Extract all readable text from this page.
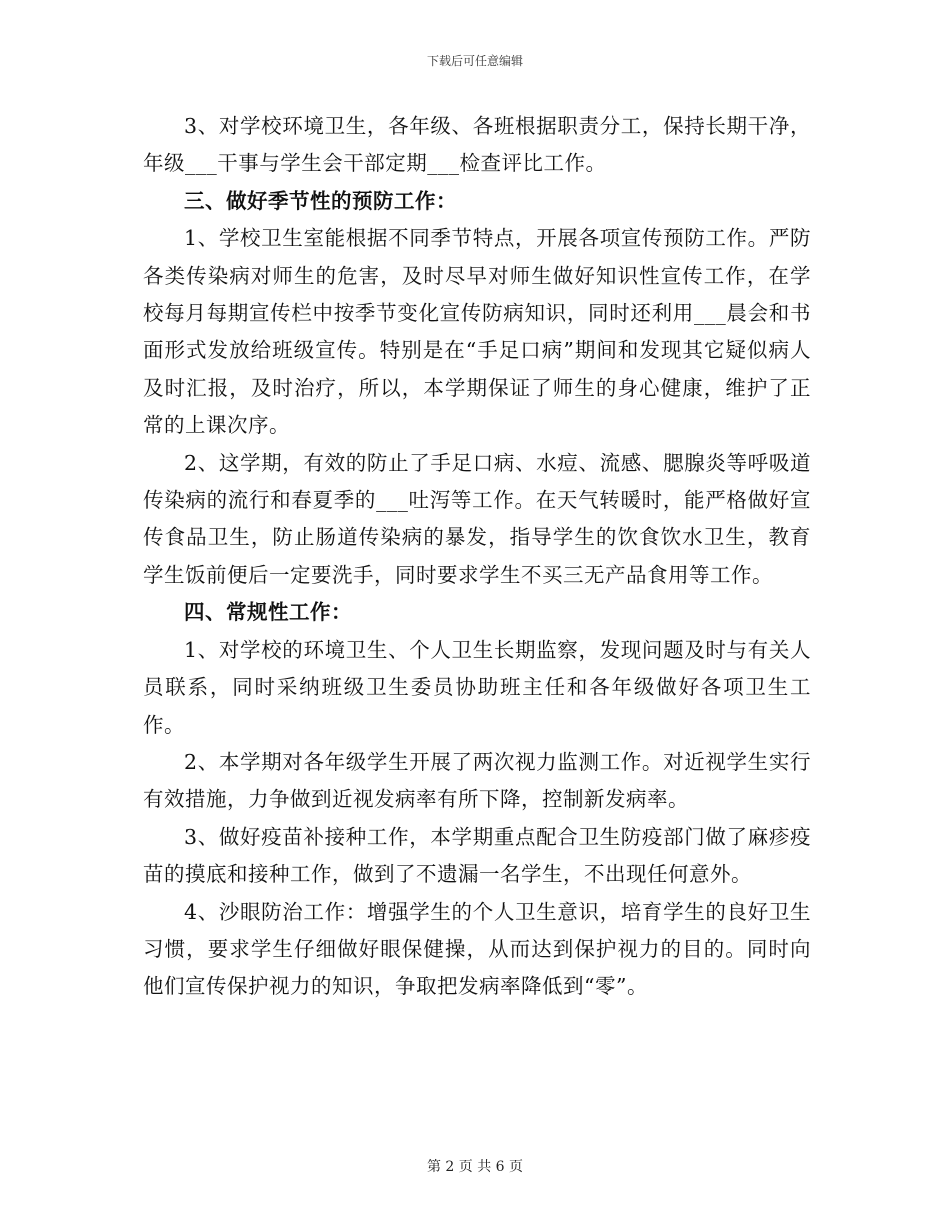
下载后可任意编辑

3、对学校环境卫生，各年级、各班根据职责分工，保持长期干净，年级___干事与学生会干部定期___检查评比工作。

三、做好季节性的预防工作：

1、学校卫生室能根据不同季节特点，开展各项宣传预防工作。严防各类传染病对师生的危害，及时尽早对师生做好知识性宣传工作，在学校每月每期宣传栏中按季节变化宣传防病知识，同时还利用___晨会和书面形式发放给班级宣传。特别是在“手足口病”期间和发现其它疑似病人及时汇报，及时治疗，所以，本学期保证了师生的身心健康，维护了正常的上课次序。

2、这学期，有效的防止了手足口病、水痘、流感、腮腺炎等呼吸道传染病的流行和春夏季的___吐泻等工作。在天气转暖时，能严格做好宣传食品卫生，防止肠道传染病的暴发，指导学生的饮食饮水卫生，教育学生饭前便后一定要洗手，同时要求学生不买三无产品食用等工作。

四、常规性工作：

1、对学校的环境卫生、个人卫生长期监察，发现问题及时与有关人员联系，同时采纳班级卫生委员协助班主任和各年级做好各项卫生工作。

2、本学期对各年级学生开展了两次视力监测工作。对近视学生实行有效措施，力争做到近视发病率有所下降，控制新发病率。

3、做好疫苗补接种工作，本学期重点配合卫生防疫部门做了麻疹疫苗的摸底和接种工作，做到了不遗漏一名学生，不出现任何意外。

4、沙眼防治工作：增强学生的个人卫生意识，培育学生的良好卫生习惯，要求学生仔细做好眼保健操，从而达到保护视力的目的。同时向他们宣传保护视力的知识，争取把发病率降低到“零”。

第 2 页 共 6 页
